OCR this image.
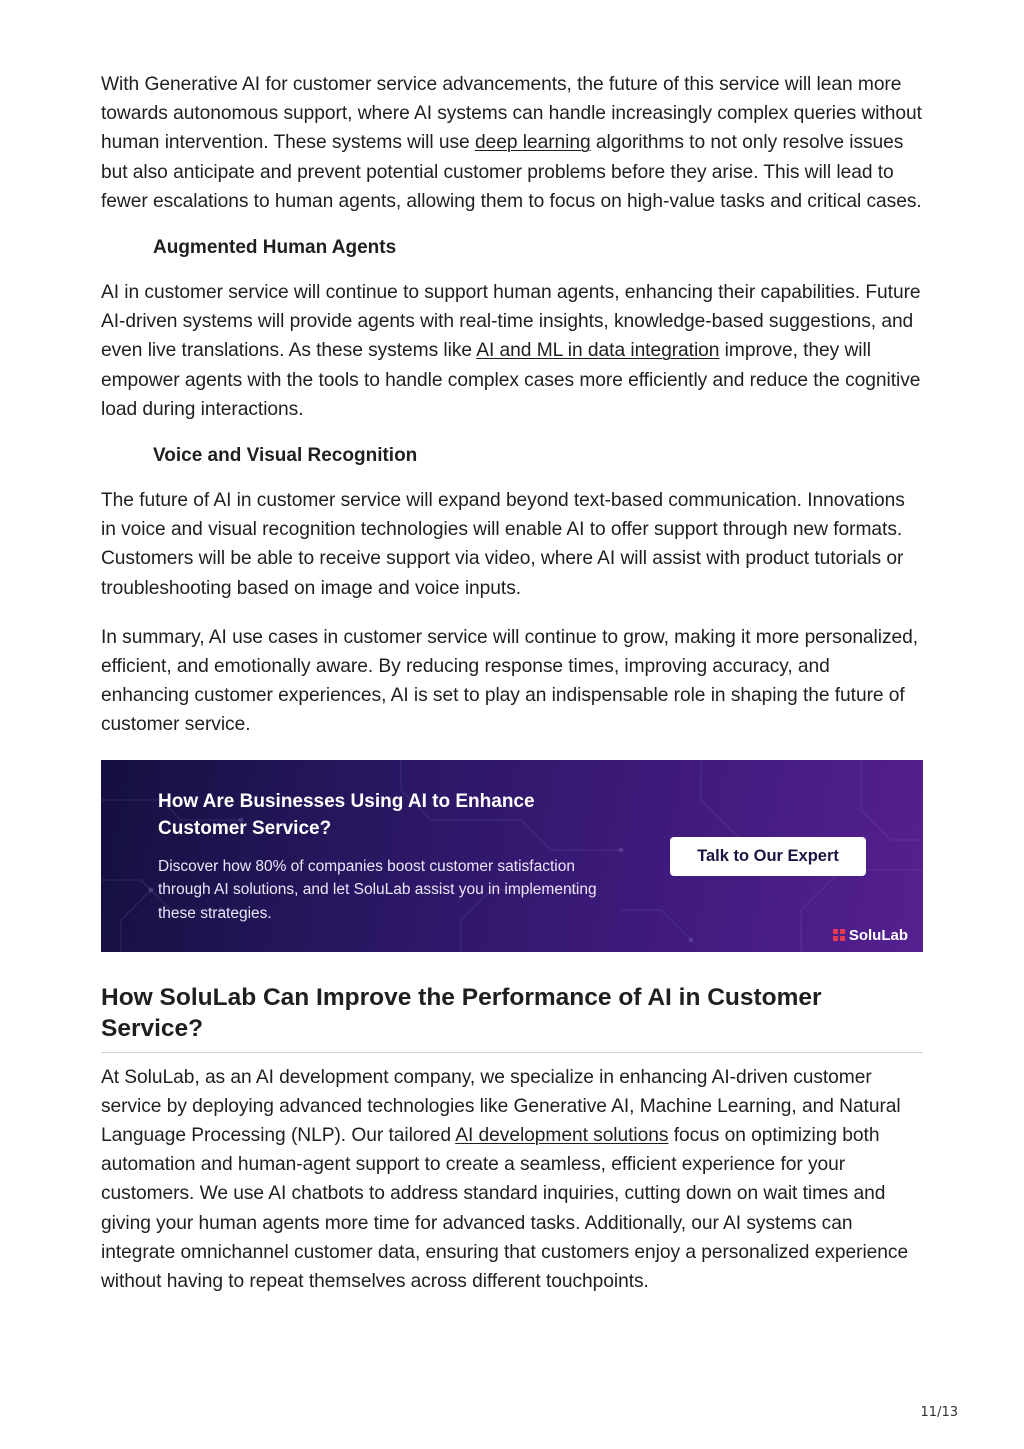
With Generative AI for customer service advancements, the future of this service will lean more towards autonomous support, where AI systems can handle increasingly complex queries without human intervention. These systems will use deep learning algorithms to not only resolve issues but also anticipate and prevent potential customer problems before they arise. This will lead to fewer escalations to human agents, allowing them to focus on high-value tasks and critical cases.

Augmented Human Agents

AI in customer service will continue to support human agents, enhancing their capabilities. Future AI-driven systems will provide agents with real-time insights, knowledge-based suggestions, and even live translations. As these systems like AI and ML in data integration improve, they will empower agents with the tools to handle complex cases more efficiently and reduce the cognitive load during interactions.

Voice and Visual Recognition

The future of AI in customer service will expand beyond text-based communication. Innovations in voice and visual recognition technologies will enable AI to offer support through new formats. Customers will be able to receive support via video, where AI will assist with product tutorials or troubleshooting based on image and voice inputs.

In summary, AI use cases in customer service will continue to grow, making it more personalized, efficient, and emotionally aware. By reducing response times, improving accuracy, and enhancing customer experiences, AI is set to play an indispensable role in shaping the future of customer service.

How Are Businesses Using AI to Enhance Customer Service?

Discover how 80% of companies boost customer satisfaction through AI solutions, and let SoluLab assist you in implementing these strategies.

Talk to Our Expert
SoluLab
How SoluLab Can Improve the Performance of AI in Customer Service?

At SoluLab, as an AI development company, we specialize in enhancing AI-driven customer service by deploying advanced technologies like Generative AI, Machine Learning, and Natural Language Processing (NLP). Our tailored AI development solutions focus on optimizing both automation and human-agent support to create a seamless, efficient experience for your customers. We use AI chatbots to address standard inquiries, cutting down on wait times and giving your human agents more time for advanced tasks. Additionally, our AI systems can integrate omnichannel customer data, ensuring that customers enjoy a personalized experience without having to repeat themselves across different touchpoints.

11/13
